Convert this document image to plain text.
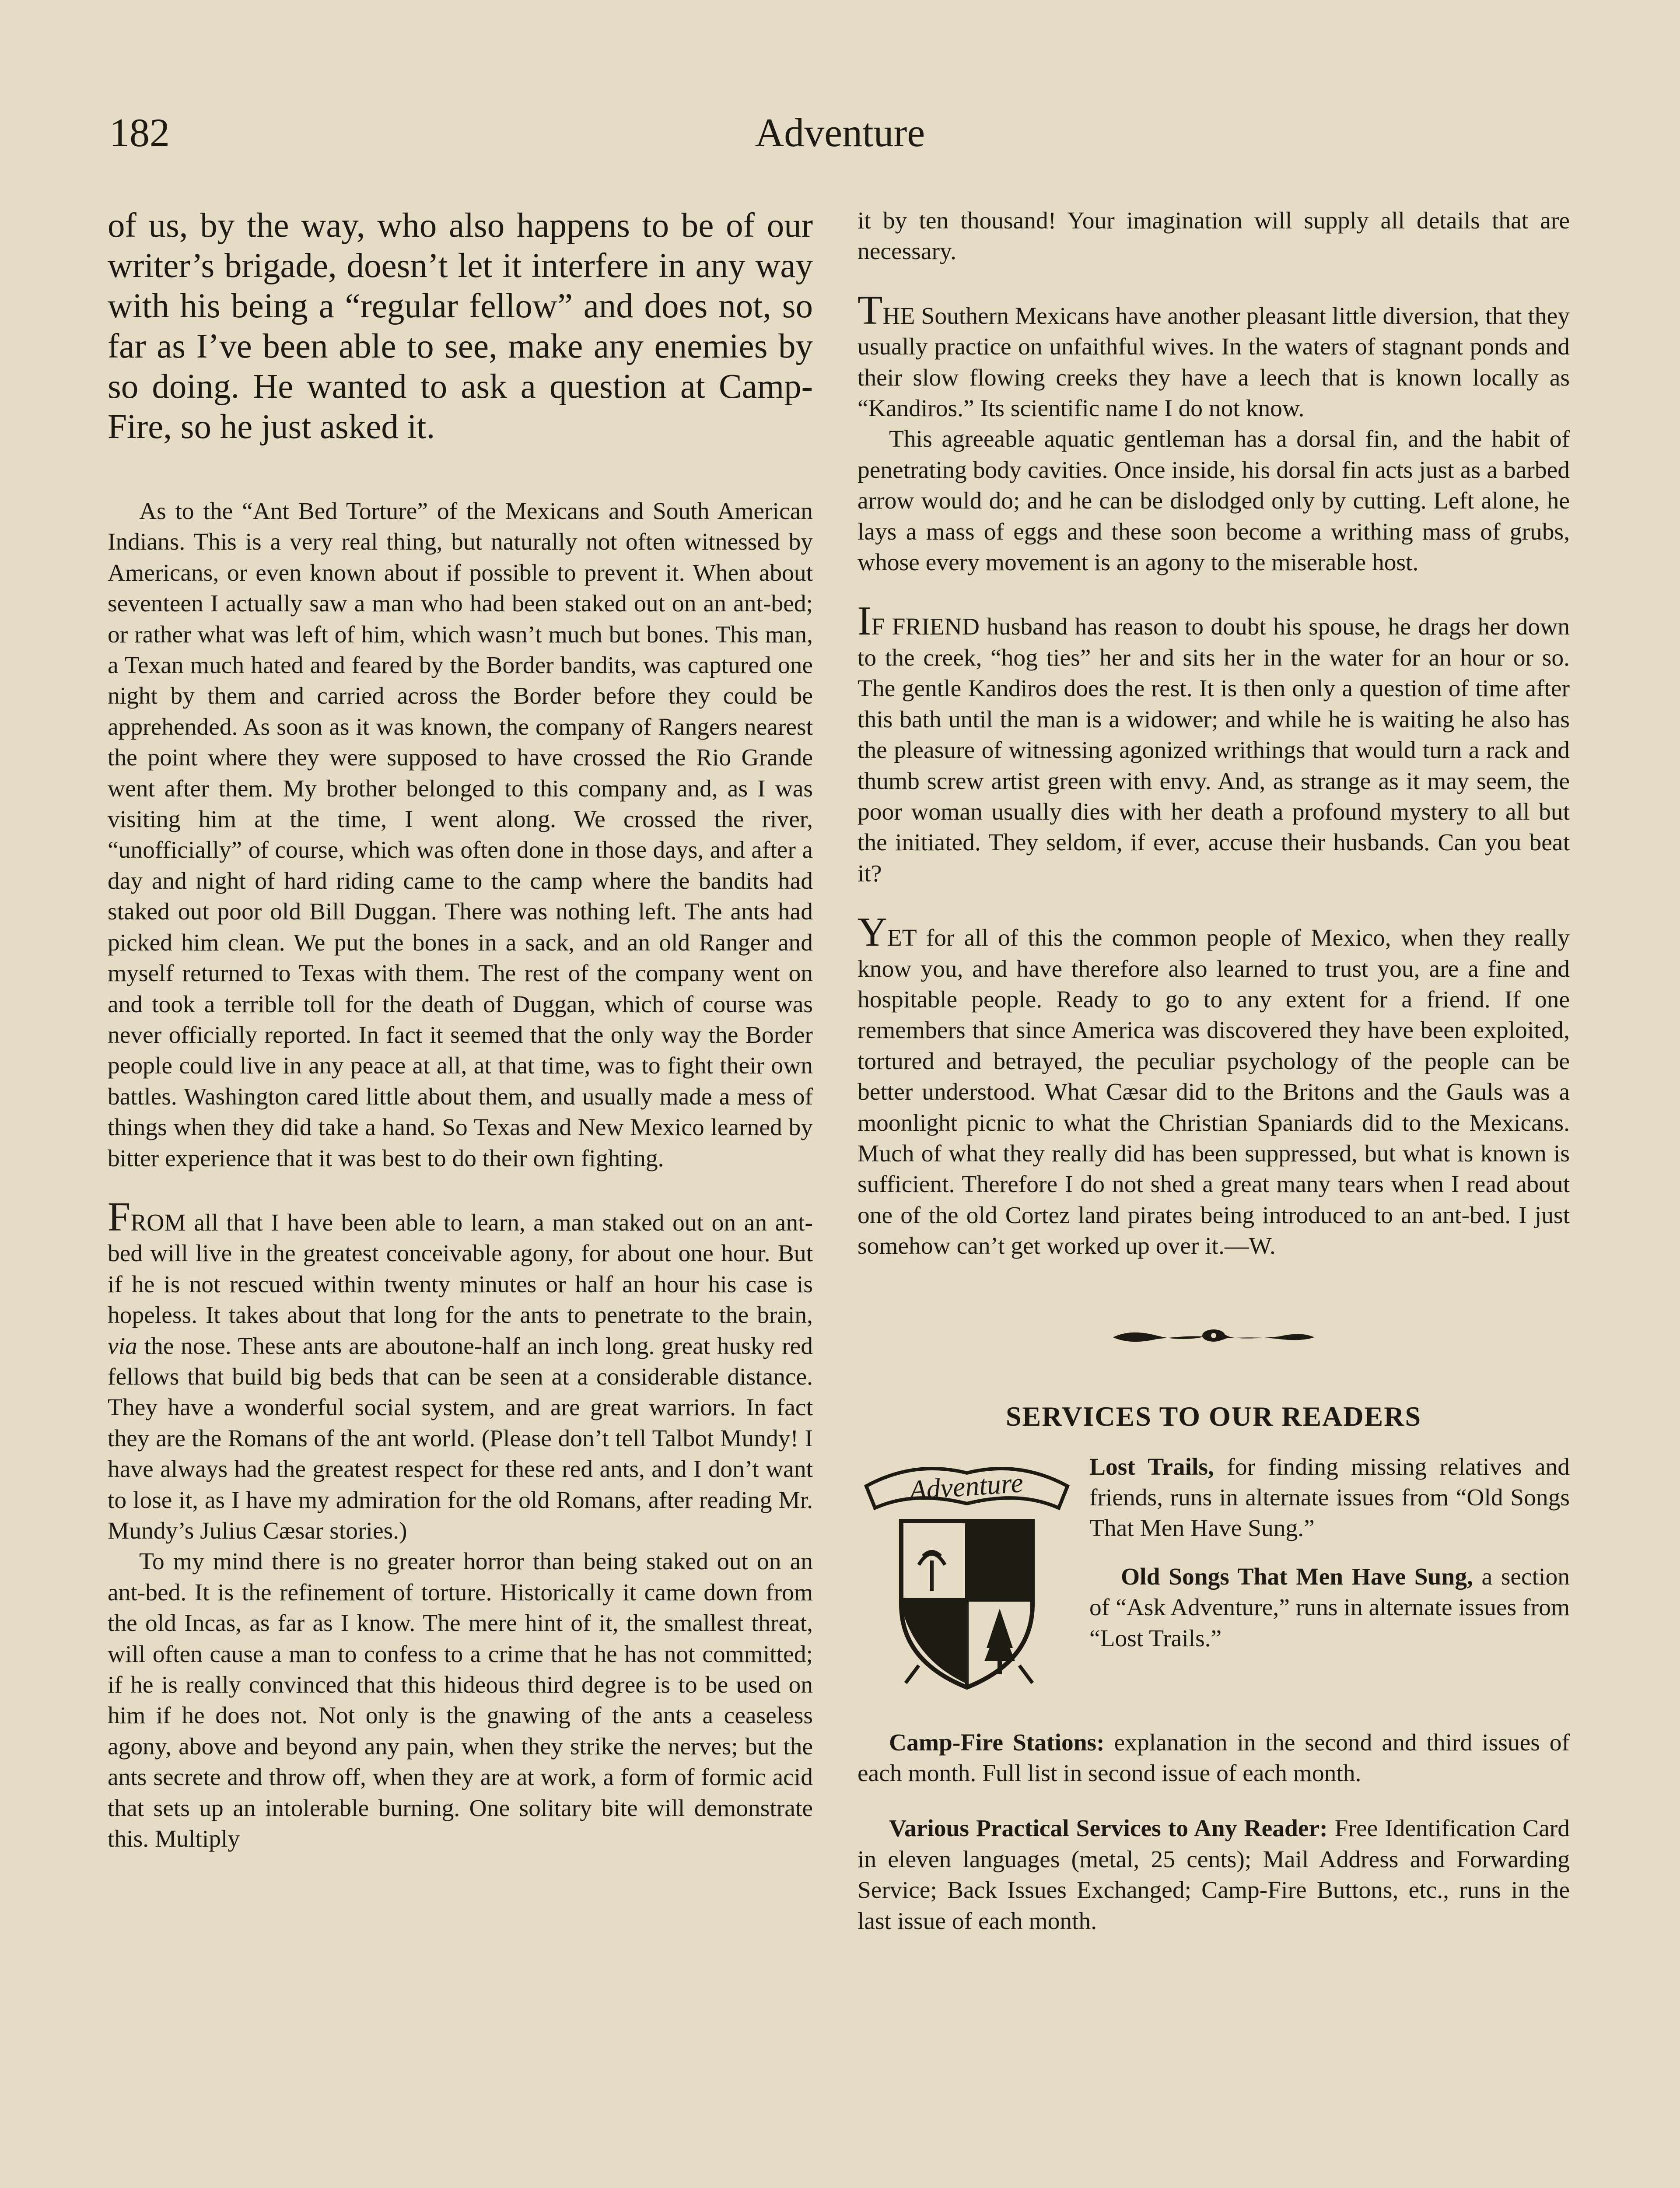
182	Adventure
of us, by the way, who also happens to be of our writer’s brigade, doesn’t let it interfere in any way with his being a “regular fellow” and does not, so far as I’ve been able to see, make any enemies by so doing. He wanted to ask a question at Camp-Fire, so he just asked it.

As to the “Ant Bed Torture” of the Mexicans and South American Indians. This is a very real thing, but naturally not often witnessed by Americans, or even known about if possible to prevent it. When about seventeen I actually saw a man who had been staked out on an ant-bed; or rather what was left of him, which wasn’t much but bones. This man, a Texan much hated and feared by the Border bandits, was captured one night by them and carried across the Border before they could be apprehended. As soon as it was known, the company of Rangers nearest the point where they were supposed to have crossed the Rio Grande went after them. My brother belonged to this company and, as I was visiting him at the time, I went along. We crossed the river, “unofficially” of course, which was often done in those days, and after a day and night of hard riding came to the camp where the bandits had staked out poor old Bill Duggan. There was nothing left. The ants had picked him clean. We put the bones in a sack, and an old Ranger and myself returned to Texas with them. The rest of the company went on and took a terrible toll for the death of Duggan, which of course was never officially reported. In fact it seemed that the only way the Border people could live in any peace at all, at that time, was to fight their own battles. Washington cared little about them, and usually made a mess of things when they did take a hand. So Texas and New Mexico learned by bitter experience that it was best to do their own fighting.

FROM all that I have been able to learn, a man staked out on an ant-bed will live in the greatest conceivable agony, for about one hour. But if he is not rescued within twenty minutes or half an hour his case is hopeless. It takes about that long for the ants to penetrate to the brain, via the nose. These ants are aboutone-half an inch long. great husky red fellows that build big beds that can be seen at a considerable distance. They have a wonderful social system, and are great warriors. In fact they are the Romans of the ant world. (Please don’t tell Talbot Mundy! I have always had the greatest respect for these red ants, and I don’t want to lose it, as I have my admiration for the old Romans, after reading Mr. Mundy’s Julius Cæsar stories.)

To my mind there is no greater horror than being staked out on an ant-bed. It is the refinement of torture. Historically it came down from the old Incas, as far as I know. The mere hint of it, the smallest threat, will often cause a man to confess to a crime that he has not committed; if he is really convinced that this hideous third degree is to be used on him if he does not. Not only is the gnawing of the ants a ceaseless agony, above and beyond any pain, when they strike the nerves; but the ants secrete and throw off, when they are at work, a form of formic acid that sets up an intolerable burning. One solitary bite will demonstrate this. Multiply

it by ten thousand! Your imagination will supply all details that are necessary.

THE Southern Mexicans have another pleasant little diversion, that they usually practice on unfaithful wives. In the waters of stagnant ponds and their slow flowing creeks they have a leech that is known locally as “Kandiros.” Its scientific name I do not know.

This agreeable aquatic gentleman has a dorsal fin, and the habit of penetrating body cavities. Once inside, his dorsal fin acts just as a barbed arrow would do; and he can be dislodged only by cutting. Left alone, he lays a mass of eggs and these soon become a writhing mass of grubs, whose every movement is an agony to the miserable host.

IF FRIEND husband has reason to doubt his spouse, he drags her down to the creek, “hog ties” her and sits her in the water for an hour or so. The gentle Kandiros does the rest. It is then only a question of time after this bath until the man is a widower; and while he is waiting he also has the pleasure of witnessing agonized writhings that would turn a rack and thumb screw artist green with envy. And, as strange as it may seem, the poor woman usually dies with her death a profound mystery to all but the initiated. They seldom, if ever, accuse their husbands. Can you beat it?

YET for all of this the common people of Mexico, when they really know you, and have therefore also learned to trust you, are a fine and hospitable people. Ready to go to any extent for a friend. If one remembers that since America was discovered they have been exploited, tortured and betrayed, the peculiar psychology of the people can be better understood. What Cæsar did to the Britons and the Gauls was a moonlight picnic to what the Christian Spaniards did to the Mexicans. Much of what they really did has been suppressed, but what is known is sufficient. Therefore I do not shed a great many tears when I read about one of the old Cortez land pirates being introduced to an ant-bed. I just somehow can’t get worked up over it.—W.

SERVICES TO OUR READERS
Adventure	Lost Trails, for finding missing relatives and friends, runs in alternate issues from “Old Songs That Men Have Sung.”

Old Songs That Men Have Sung, a section of “Ask Adventure,” runs in alternate issues from “Lost Trails.”

Camp-Fire Stations: explanation in the second and third issues of each month. Full list in second issue of each month.

Various Practical Services to Any Reader: Free Identification Card in eleven languages (metal, 25 cents); Mail Address and Forwarding Service; Back Issues Exchanged; Camp-Fire Buttons, etc., runs in the last issue of each month.
